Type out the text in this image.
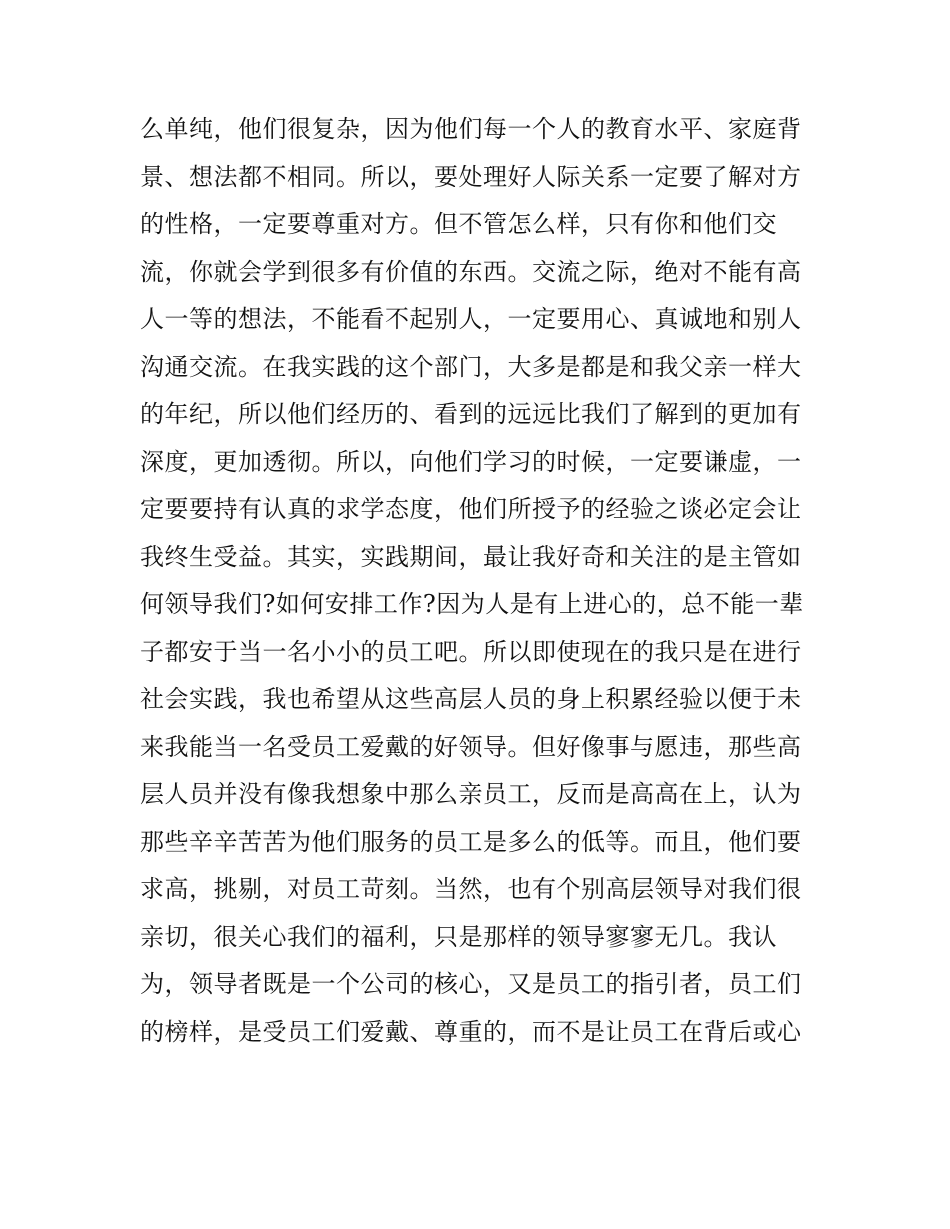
么单纯，他们很复杂，因为他们每一个人的教育水平、家庭背
景、想法都不相同。所以，要处理好人际关系一定要了解对方
的性格，一定要尊重对方。但不管怎么样，只有你和他们交
流，你就会学到很多有价值的东西。交流之际，绝对不能有高
人一等的想法，不能看不起别人，一定要用心、真诚地和别人
沟通交流。在我实践的这个部门，大多是都是和我父亲一样大
的年纪，所以他们经历的、看到的远远比我们了解到的更加有
深度，更加透彻。所以，向他们学习的时候，一定要谦虚，一
定要要持有认真的求学态度，他们所授予的经验之谈必定会让
我终生受益。其实，实践期间，最让我好奇和关注的是主管如
何领导我们?如何安排工作?因为人是有上进心的，总不能一辈
子都安于当一名小小的员工吧。所以即使现在的我只是在进行
社会实践，我也希望从这些高层人员的身上积累经验以便于未
来我能当一名受员工爱戴的好领导。但好像事与愿违，那些高
层人员并没有像我想象中那么亲员工，反而是高高在上，认为
那些辛辛苦苦为他们服务的员工是多么的低等。而且，他们要
求高，挑剔，对员工苛刻。当然，也有个别高层领导对我们很
亲切，很关心我们的福利，只是那样的领导寥寥无几。我认
为，领导者既是一个公司的核心，又是员工的指引者，员工们
的榜样，是受员工们爱戴、尊重的，而不是让员工在背后或心
